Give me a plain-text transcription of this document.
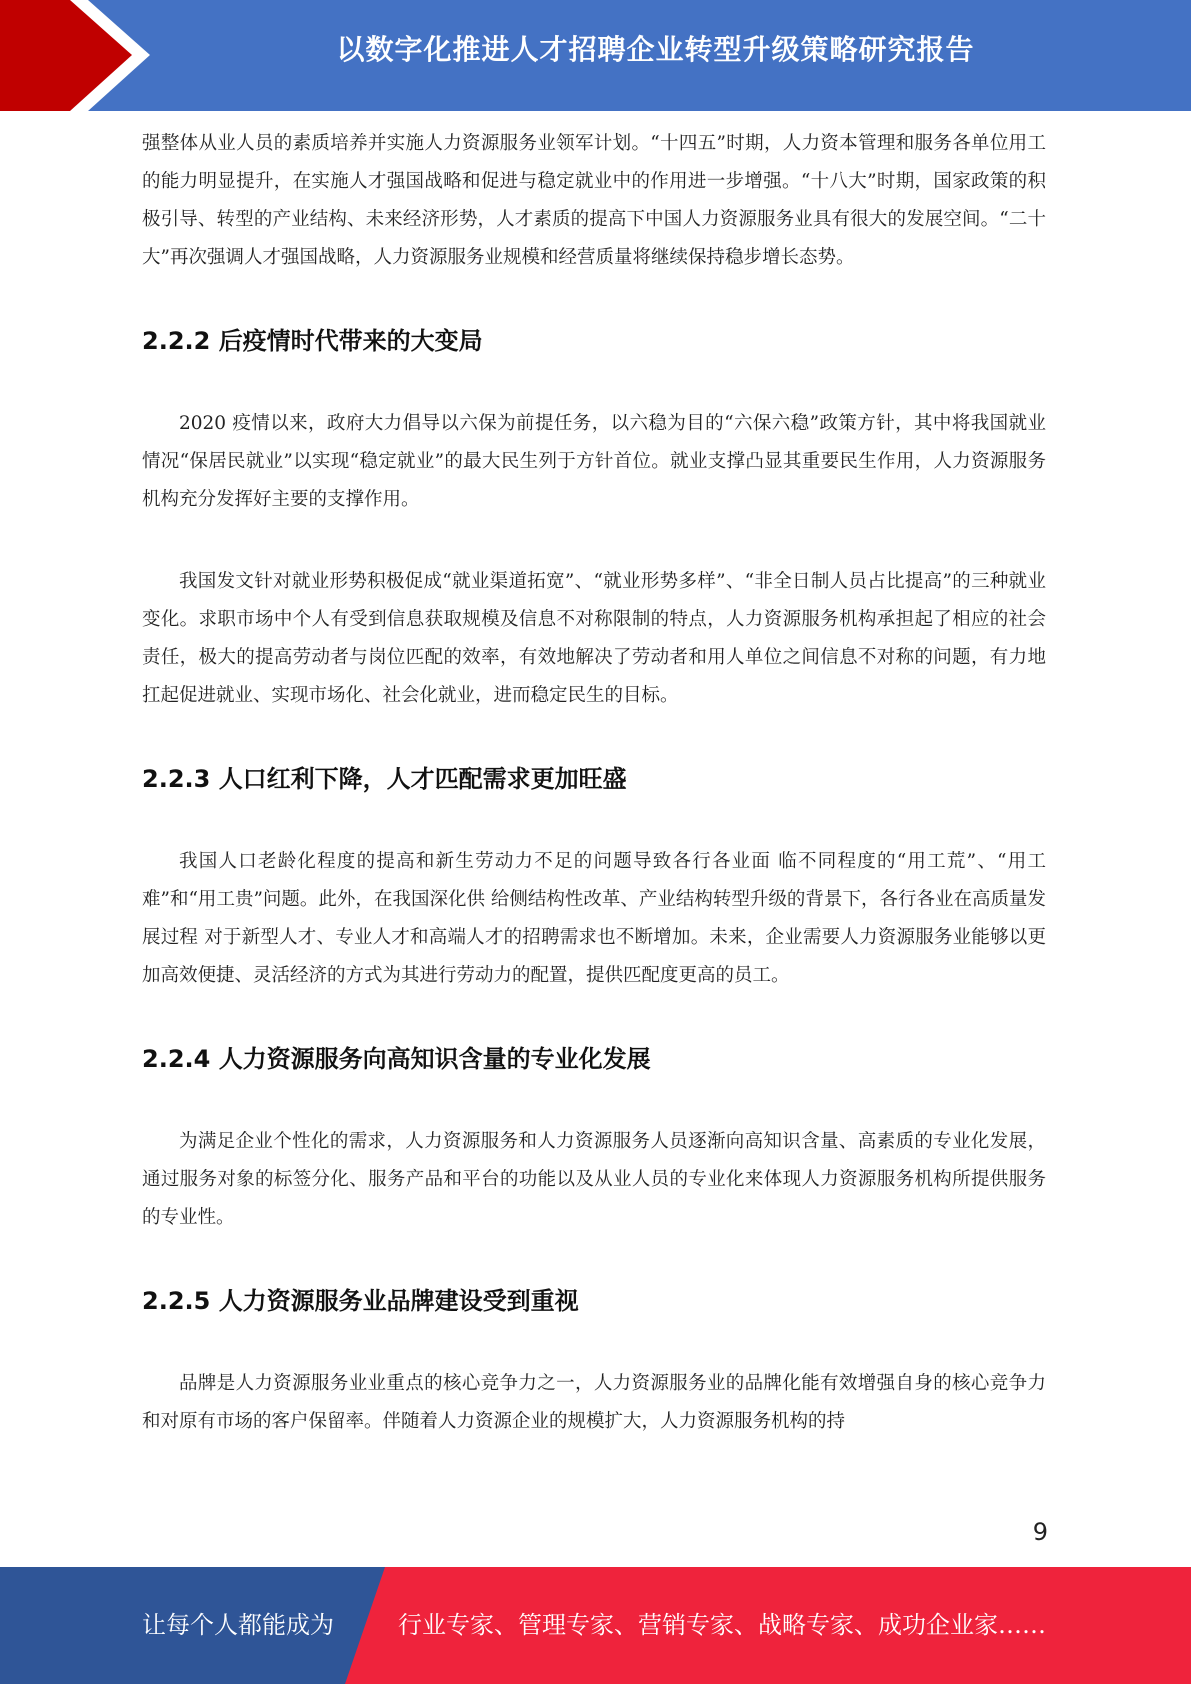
以数字化推进人才招聘企业转型升级策略研究报告

强整体从业人员的素质培养并实施人力资源服务业领军计划。“十四五”时期，人力资本管理和服务各单位用工的能力明显提升，在实施人才强国战略和促进与稳定就业中的作用进一步增强。“十八大”时期，国家政策的积极引导、转型的产业结构、未来经济形势，人才素质的提高下中国人力资源服务业具有很大的发展空间。“二十大”再次强调人才强国战略，人力资源服务业规模和经营质量将继续保持稳步增长态势。

2.2.2 后疫情时代带来的大变局

2020 疫情以来，政府大力倡导以六保为前提任务，以六稳为目的“六保六稳”政策方针，其中将我国就业情况“保居民就业”以实现“稳定就业”的最大民生列于方针首位。就业支撑凸显其重要民生作用，人力资源服务机构充分发挥好主要的支撑作用。

我国发文针对就业形势积极促成“就业渠道拓宽”、“就业形势多样”、“非全日制人员占比提高”的三种就业变化。求职市场中个人有受到信息获取规模及信息不对称限制的特点，人力资源服务机构承担起了相应的社会责任，极大的提高劳动者与岗位匹配的效率，有效地解决了劳动者和用人单位之间信息不对称的问题，有力地扛起促进就业、实现市场化、社会化就业，进而稳定民生的目标。

2.2.3 人口红利下降，人才匹配需求更加旺盛

我国人口老龄化程度的提高和新生劳动力不足的问题导致各行各业面 临不同程度的“用工荒”、“用工难”和“用工贵”问题。此外，在我国深化供 给侧结构性改革、产业结构转型升级的背景下，各行各业在高质量发展过程 对于新型人才、专业人才和高端人才的招聘需求也不断增加。未来，企业需要人力资源服务业能够以更加高效便捷、灵活经济的方式为其进行劳动力的配置，提供匹配度更高的员工。

2.2.4 人力资源服务向高知识含量的专业化发展

为满足企业个性化的需求，人力资源服务和人力资源服务人员逐渐向高知识含量、高素质的专业化发展，通过服务对象的标签分化、服务产品和平台的功能以及从业人员的专业化来体现人力资源服务机构所提供服务的专业性。

2.2.5 人力资源服务业品牌建设受到重视

品牌是人力资源服务业业重点的核心竞争力之一，人力资源服务业的品牌化能有效增强自身的核心竞争力和对原有市场的客户保留率。伴随着人力资源企业的规模扩大，人力资源服务机构的持

9
让每个人都能成为	行业专家、管理专家、营销专家、战略专家、成功企业家……
